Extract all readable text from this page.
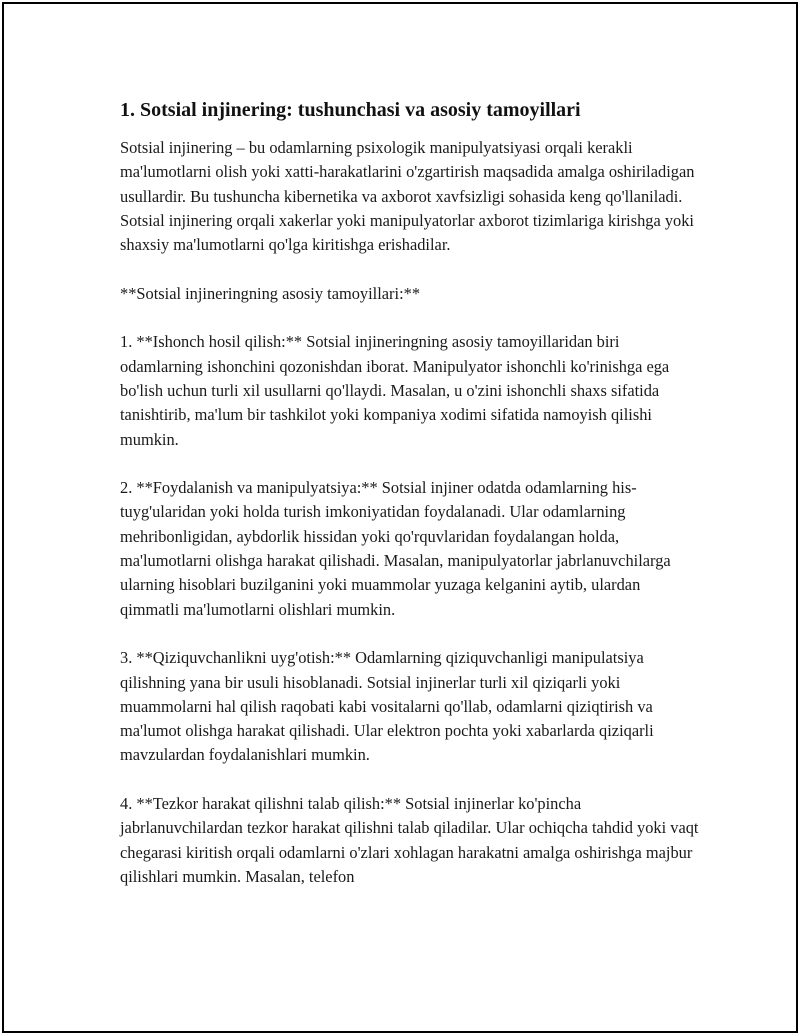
1. Sotsial injinering: tushunchasi va asosiy tamoyillari

Sotsial injinering – bu odamlarning psixologik manipulyatsiyasi orqali kerakli ma'lumotlarni olish yoki xatti-harakatlarini o'zgartirish maqsadida amalga oshiriladigan usullardir. Bu tushuncha kibernetika va axborot xavfsizligi sohasida keng qo'llaniladi. Sotsial injinering orqali xakerlar yoki manipulyatorlar axborot tizimlariga kirishga yoki shaxsiy ma'lumotlarni qo'lga kiritishga erishadilar.

**Sotsial injineringning asosiy tamoyillari:**

1. **Ishonch hosil qilish:** Sotsial injineringning asosiy tamoyillaridan biri odamlarning ishonchini qozonishdan iborat. Manipulyator ishonchli ko'rinishga ega bo'lish uchun turli xil usullarni qo'llaydi. Masalan, u o'zini ishonchli shaxs sifatida tanishtirib, ma'lum bir tashkilot yoki kompaniya xodimi sifatida namoyish qilishi mumkin.

2. **Foydalanish va manipulyatsiya:** Sotsial injiner odatda odamlarning his-tuyg'ularidan yoki holda turish imkoniyatidan foydalanadi. Ular odamlarning mehribonligidan, aybdorlik hissidan yoki qo'rquvlaridan foydalangan holda, ma'lumotlarni olishga harakat qilishadi. Masalan, manipulyatorlar jabrlanuvchilarga ularning hisoblari buzilganini yoki muammolar yuzaga kelganini aytib, ulardan qimmatli ma'lumotlarni olishlari mumkin.

3. **Qiziquvchanlikni uyg'otish:** Odamlarning qiziquvchanligi manipulatsiya qilishning yana bir usuli hisoblanadi. Sotsial injinerlar turli xil qiziqarli yoki muammolarni hal qilish raqobati kabi vositalarni qo'llab, odamlarni qiziqtirish va ma'lumot olishga harakat qilishadi. Ular elektron pochta yoki xabarlarda qiziqarli mavzulardan foydalanishlari mumkin.

4. **Tezkor harakat qilishni talab qilish:** Sotsial injinerlar ko'pincha jabrlanuvchilardan tezkor harakat qilishni talab qiladilar. Ular ochiqcha tahdid yoki vaqt chegarasi kiritish orqali odamlarni o'zlari xohlagan harakatni amalga oshirishga majbur qilishlari mumkin. Masalan, telefon
